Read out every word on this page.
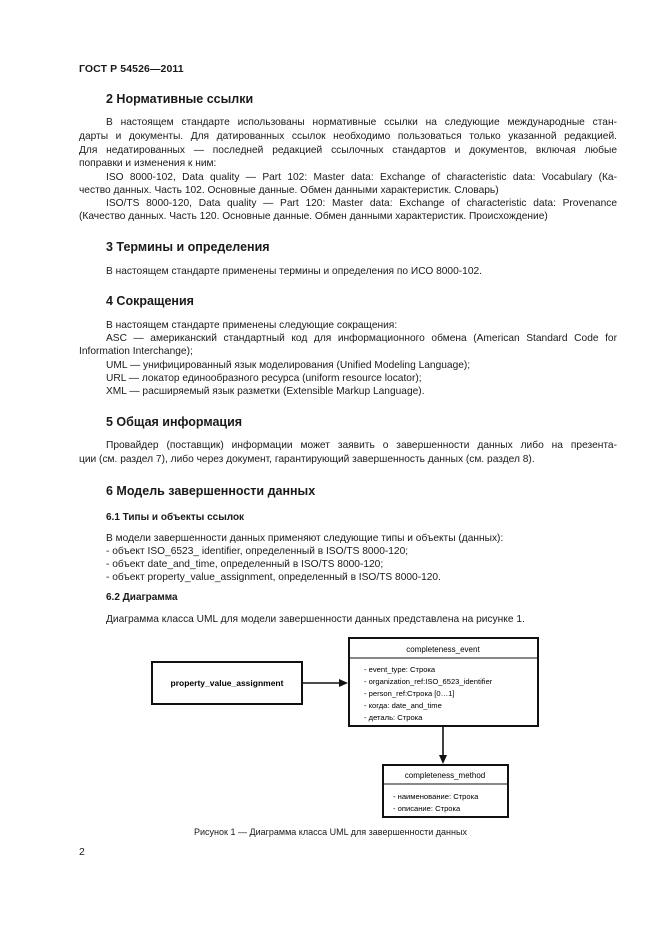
ГОСТ Р 54526—2011
2 Нормативные ссылки
В настоящем стандарте использованы нормативные ссылки на следующие международные стан-
дарты и документы. Для датированных ссылок необходимо пользоваться только указанной редакцией.
Для недатированных — последней редакцией ссылочных стандартов и документов, включая любые
поправки и изменения к ним:
ISO 8000-102, Data quality — Part 102: Master data: Exchange of characteristic data: Vocabulary (Ка-
чество данных. Часть 102. Основные данные. Обмен данными характеристик. Словарь)
ISO/TS 8000-120, Data quality — Part 120: Master data: Exchange of characteristic data: Provenance
(Качество данных. Часть 120. Основные данные. Обмен данными характеристик. Происхождение)
3 Термины и определения
В настоящем стандарте применены термины и определения по ИСО 8000-102.
4 Сокращения
В настоящем стандарте применены следующие сокращения:
ASC — американский стандартный код для информационного обмена (American Standard Code for
Information Interchange);
UML — унифицированный язык моделирования (Unified Modeling Language);
URL — локатор единообразного ресурса (uniform resource locator);
XML — расширяемый язык разметки (Extensible Markup Language).
5 Общая информация
Провайдер (поставщик) информации может заявить о завершенности данных либо на презента-
ции (см. раздел 7), либо через документ, гарантирующий завершенность данных (см. раздел 8).
6 Модель завершенности данных
6.1 Типы и объекты ссылок
В модели завершенности данных применяют следующие типы и объекты (данных):
- объект ISO_6523_ identifier, определенный в ISO/TS 8000-120;
- объект date_and_time, определенный в ISO/TS 8000-120;
- объект property_value_assignment, определенный в ISO/TS 8000-120.
6.2 Диаграмма
Диаграмма класса UML для модели завершенности данных представлена на рисунке 1.
property_value_assignment
completeness_event
- event_type: Строка
- organization_ref:ISO_6523_identifier
- person_ref:Строка [0…1]
- когда: date_and_time
- деталь: Строка
completeness_method
- наименование: Строка
- описание: Строка
Рисунок 1 — Диаграмма класса UML для завершенности данных
2
